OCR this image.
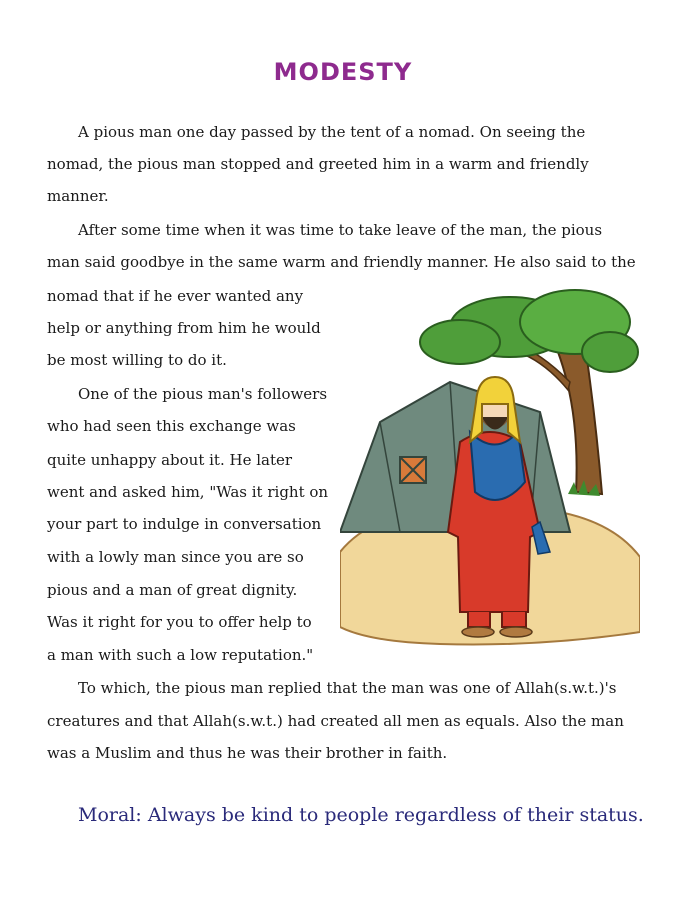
MODESTY
A pious man one day passed by the tent of a nomad. On seeing the
nomad, the pious man stopped and greeted him in a warm and friendly
manner.
After some time when it was time to take leave of the man, the pious
man said goodbye in the same warm and friendly manner. He also said to the
nomad that if he ever wanted any
help or anything from him he would
be most willing to do it.
One of the pious man's followers
who had seen this exchange was
quite unhappy about it. He later
went and asked him, "Was it right on
your part to indulge in conversation
with a lowly man since you are so
pious and a man of great dignity.
Was it right for you to offer help to
a man with such a low reputation."
To which, the pious man replied that the man was one of Allah(s.w.t.)'s
creatures and that Allah(s.w.t.) had created all men as equals. Also the man
was a Muslim and thus he was their brother in faith.
Moral: Always be kind to people regardless of their status.
